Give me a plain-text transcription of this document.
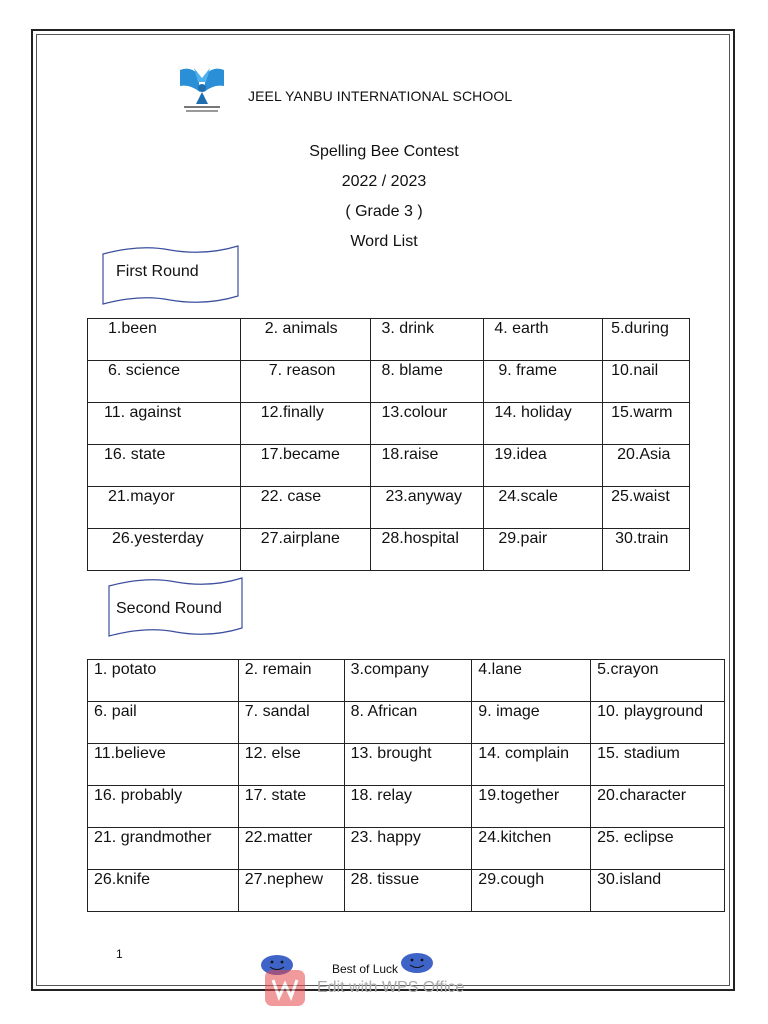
JEEL YANBU INTERNATIONAL SCHOOL
Spelling Bee Contest
2022 / 2023
( Grade 3 )
Word List
First Round
1.been	2. animals	3. drink	4. earth	5.during

6. science	7. reason	8. blame	9. frame	10.nail

11. against	12.finally	13.colour	14. holiday	15.warm

16. state	17.became	18.raise	19.idea	20.Asia

21.mayor	22. case	23.anyway	24.scale	25.waist

26.yesterday	27.airplane	28.hospital	29.pair	30.train
Second Round
1. potato	2. remain	3.company	4.lane	5.crayon

6. pail	7. sandal	8. African	9. image	10. playground

11.believe	12. else	13. brought	14. complain	15. stadium

16. probably	17. state	18. relay	19.together	20.character

21. grandmother	22.matter	23. happy	24.kitchen	25. eclipse

26.knife	27.nephew	28. tissue	29.cough	30.island
1
Best of Luck
Edit with WPS Office
